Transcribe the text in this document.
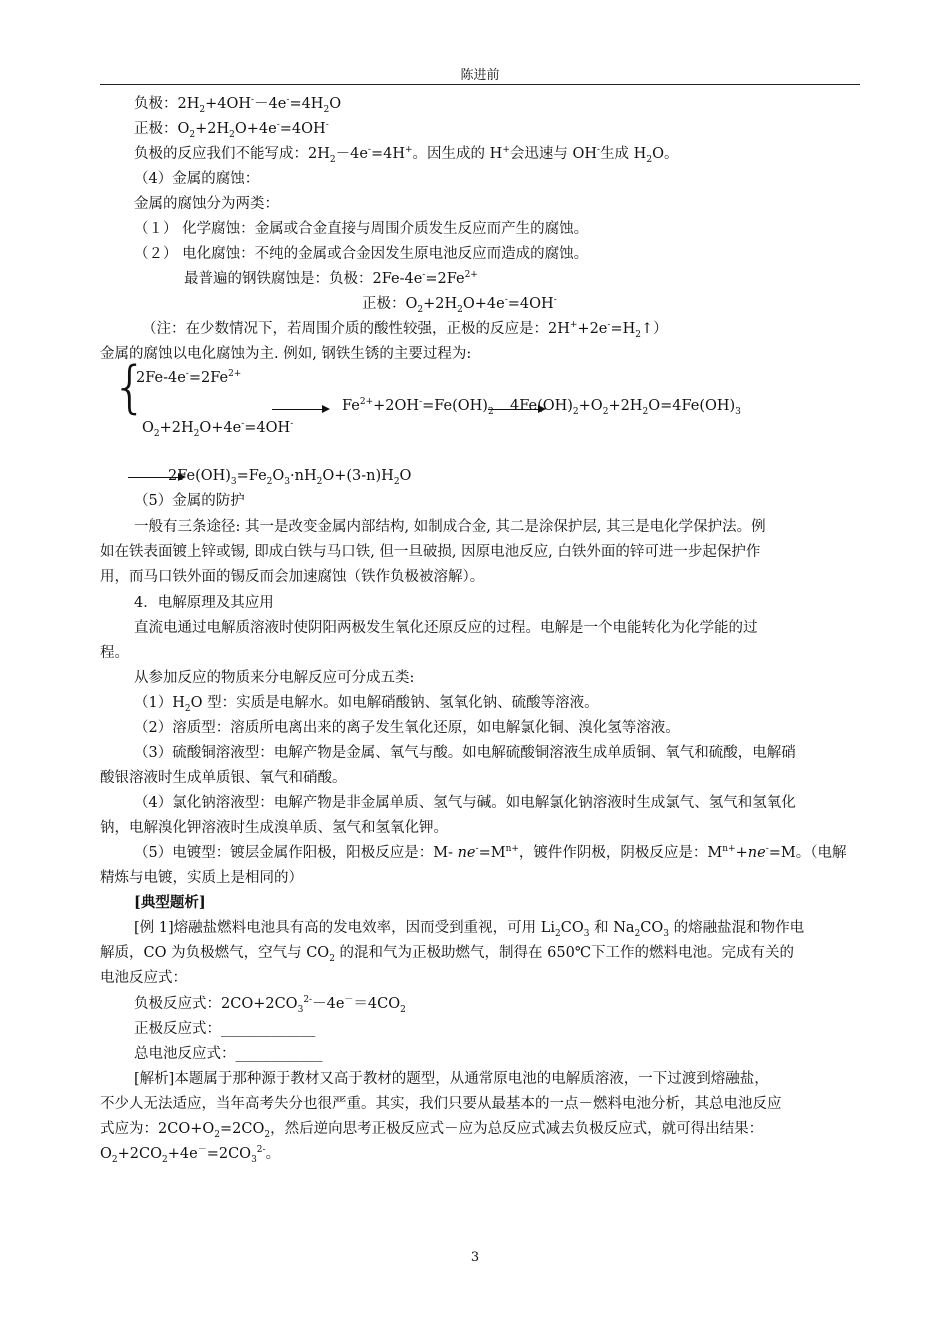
陈进前
负极：$2H_2+4OH^--4e^-=4H_2O$
正极：$O_2+2H_2O+4e^-=4OH^-$
负极的反应我们不能写成：$2H_2-4e^-=4H^+$。因生成的 H+会迅速与 OH-生成 $H_2O$。
（4）金属的腐蚀：
金属的腐蚀分为两类：
（１） 化学腐蚀：金属或合金直接与周围介质发生反应而产生的腐蚀。
（２） 电化腐蚀：不纯的金属或合金因发生原电池反应而造成的腐蚀。
最普遍的钢铁腐蚀是：负极：$2Fe-4e^-=2Fe^{2+}$
正极：$O_2+2H_2O+4e^-=4OH^-$
（注：在少数情况下，若周围介质的酸性较强，正极的反应是：$2H^++2e^-=H_2↑$）
金属的腐蚀以电化腐蚀为主. 例如, 钢铁生锈的主要过程为:
{
$2Fe-4e^-=2Fe^{2+}$
$O_2+2H_2O+4e^-=4OH^-$
→ $Fe^{2+}+2OH^-=Fe(OH)_2$ $4Fe(OH)_2+O_2+2H_2O=4Fe(OH)_3$
$2Fe(OH)_3=Fe_2O_3\cdot nH_2O+(3-n)H_2O$
（5）金属的防护
一般有三条途径: 其一是改变金属内部结构, 如制成合金, 其二是涂保护层, 其三是电化学保护法。例
如在铁表面镀上锌或锡, 即成白铁与马口铁, 但一旦破损, 因原电池反应, 白铁外面的锌可进一步起保护作
用，而马口铁外面的锡反而会加速腐蚀（铁作负极被溶解）。
4．电解原理及其应用
直流电通过电解质溶液时使阴阳两极发生氧化还原反应的过程。电解是一个电能转化为化学能的过
程。
从参加反应的物质来分电解反应可分成五类:
$(1)H_2O$ 型：实质是电解水。如电解硝酸钠、氢氧化钠、硫酸等溶液。
（2）溶质型：溶质所电离出来的离子发生氧化还原，如电解氯化铜、溴化氢等溶液。
（3）硫酸铜溶液型：电解产物是金属、氧气与酸。如电解硫酸铜溶液生成单质铜、氧气和硫酸，电解硝
酸银溶液时生成单质银、氧气和硝酸。
（4）氯化钠溶液型：电解产物是非金属单质、氢气与碱。如电解氯化钠溶液时生成氯气、氢气和氢氧化
钠，电解溴化钾溶液时生成溴单质、氢气和氢氧化钾。
（5）电镀型：镀层金属作阳极，阳极反应是：M- $ne^-=M^{n+}$，镀件作阴极，阴极反应是：$M^{n+}+ne^-=M$。（电解
精炼与电镀，实质上是相同的）
[典型题析]
[例 1]熔融盐燃料电池具有高的发电效率，因而受到重视，可用 $Li_2CO_3$ 和 $Na_2CO_3$ 的熔融盐混和物作电
解质，CO 为负极燃气，空气与 $CO_2$ 的混和气为正极助燃气，制得在 650℃下工作的燃料电池。完成有关的
电池反应式：
负极反应式：$2CO+2CO_3^{2-}-4e^-=4CO_2$
正极反应式：_____________
总电池反应式：____________
[解析]本题属于那种源于教材又高于教材的题型，从通常原电池的电解质溶液，一下过渡到熔融盐，
不少人无法适应，当年高考失分也很严重。其实，我们只要从最基本的一点－燃料电池分析，其总电池反应
式应为：$2CO+O_2=2CO_2$，然后逆向思考正极反应式－应为总反应式减去负极反应式，就可得出结果：
$O_2+2CO_2+4e^-=2CO_3^{2-}$。
3
